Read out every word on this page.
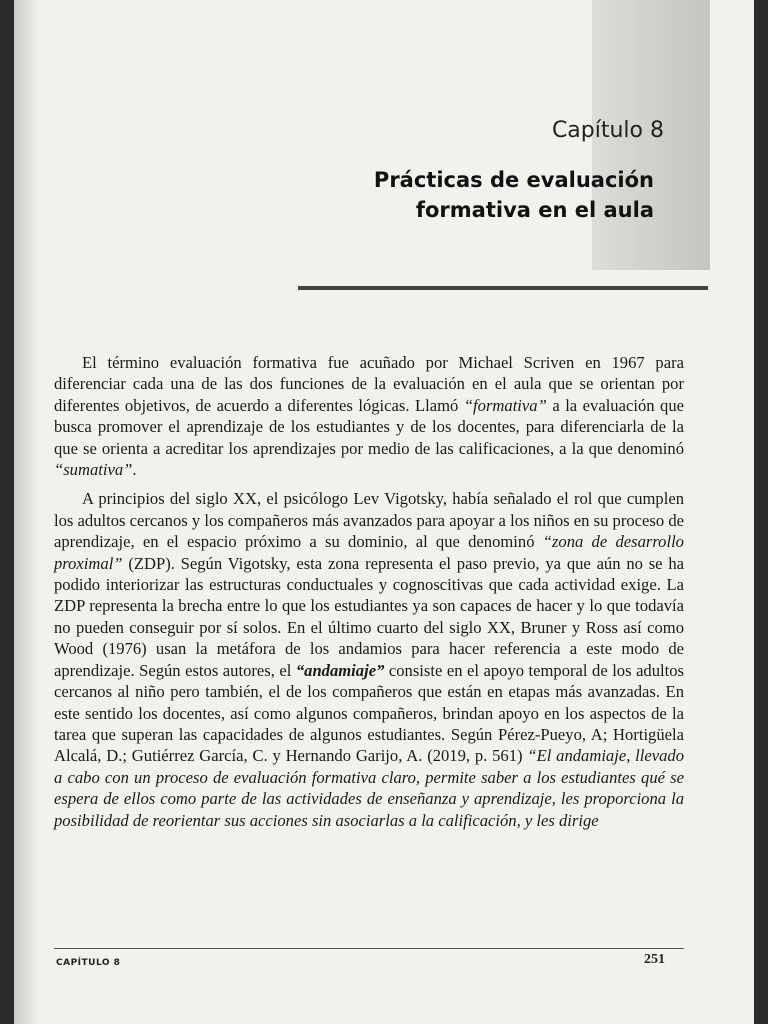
Capítulo 8
Prácticas de evaluación formativa en el aula

El término evaluación formativa fue acuñado por Michael Scriven en 1967 para diferenciar cada una de las dos funciones de la evaluación en el aula que se orientan por diferentes objetivos, de acuerdo a diferentes lógicas. Llamó “formativa” a la evaluación que busca promover el aprendizaje de los estudiantes y de los docentes, para diferenciarla de la que se orienta a acreditar los aprendizajes por medio de las calificaciones, a la que denominó “sumativa”.

A principios del siglo XX, el psicólogo Lev Vigotsky, había señalado el rol que cumplen los adultos cercanos y los compañeros más avanzados para apoyar a los niños en su proceso de aprendizaje, en el espacio próximo a su dominio, al que denominó “zona de desarrollo proximal” (ZDP). Según Vigotsky, esta zona representa el paso previo, ya que aún no se ha podido interiorizar las estructuras conductuales y cognoscitivas que cada actividad exige. La ZDP representa la brecha entre lo que los estudiantes ya son capaces de hacer y lo que todavía no pueden conseguir por sí solos. En el último cuarto del siglo XX, Bruner y Ross así como Wood (1976) usan la metáfora de los andamios para hacer referencia a este modo de aprendizaje. Según estos autores, el “andamiaje” consiste en el apoyo temporal de los adultos cercanos al niño pero también, el de los compañeros que están en etapas más avanzadas. En este sentido los docentes, así como algunos compañeros, brindan apoyo en los aspectos de la tarea que superan las capacidades de algunos estudiantes. Según Pérez-Pueyo, A; Hortigüela Alcalá, D.; Gutiérrez García, C. y Hernando Garijo, A. (2019, p. 561) “El andamiaje, llevado a cabo con un proceso de evaluación formativa claro, permite saber a los estudiantes qué se espera de ellos como parte de las actividades de enseñanza y aprendizaje, les proporciona la posibilidad de reorientar sus acciones sin asociarlas a la calificación, y les dirige

CAPÍTULO 8	251
